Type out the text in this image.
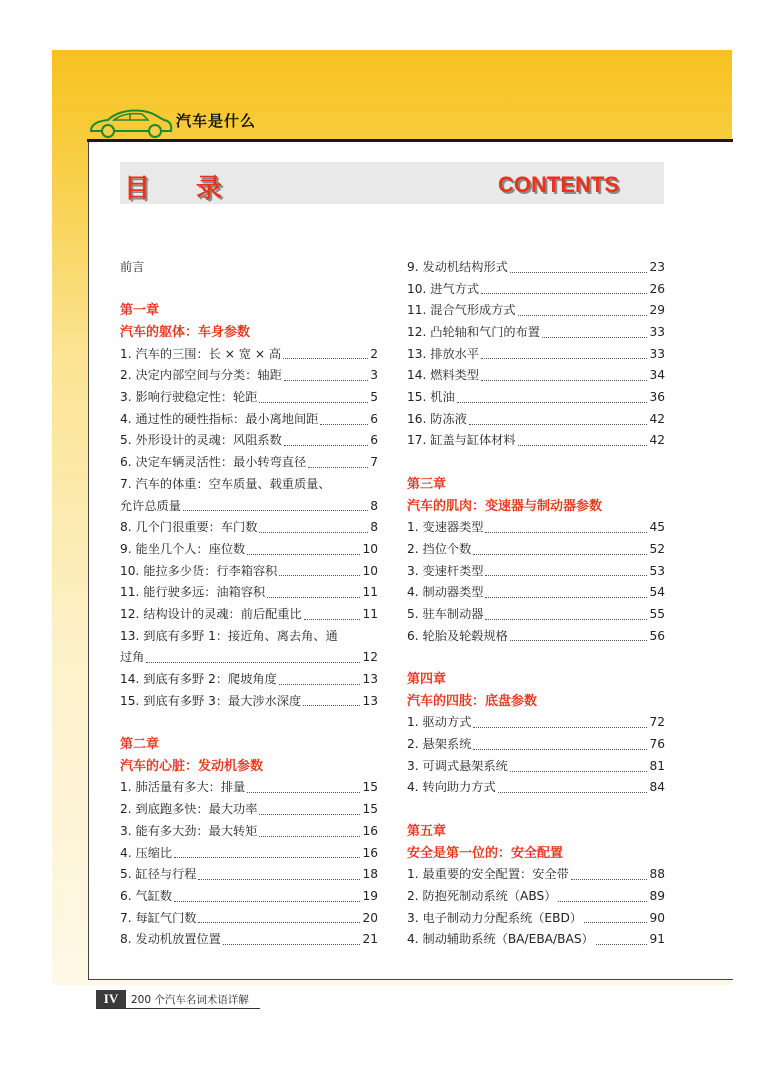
汽车是什么
目录	CONTENTS
前言
第一章
汽车的躯体：车身参数
1. 汽车的三围：长 × 宽 × 高	2
2. 决定内部空间与分类：轴距	3
3. 影响行驶稳定性：轮距	5
4. 通过性的硬性指标：最小离地间距	6
5. 外形设计的灵魂：风阻系数	6
6. 决定车辆灵活性：最小转弯直径	7
7. 汽车的体重：空车质量、载重质量、
允许总质量	8
8. 几个门很重要：车门数	8
9. 能坐几个人：座位数	10
10. 能拉多少货：行李箱容积	10
11. 能行驶多远：油箱容积	11
12. 结构设计的灵魂：前后配重比	11
13. 到底有多野 1：接近角、离去角、通
过角	12
14. 到底有多野 2：爬坡角度	13
15. 到底有多野 3：最大涉水深度	13
第二章
汽车的心脏：发动机参数
1. 肺活量有多大：排量	15
2. 到底跑多快：最大功率	15
3. 能有多大劲：最大转矩	16
4. 压缩比	16
5. 缸径与行程	18
6. 气缸数	19
7. 每缸气门数	20
8. 发动机放置位置	21
9. 发动机结构形式	23
10. 进气方式	26
11. 混合气形成方式	29
12. 凸轮轴和气门的布置	33
13. 排放水平	33
14. 燃料类型	34
15. 机油	36
16. 防冻液	42
17. 缸盖与缸体材料	42
第三章
汽车的肌肉：变速器与制动器参数
1. 变速器类型	45
2. 挡位个数	52
3. 变速杆类型	53
4. 制动器类型	54
5. 驻车制动器	55
6. 轮胎及轮毂规格	56
第四章
汽车的四肢：底盘参数
1. 驱动方式	72
2. 悬架系统	76
3. 可调式悬架系统	81
4. 转向助力方式	84
第五章
安全是第一位的：安全配置
1. 最重要的安全配置：安全带	88
2. 防抱死制动系统（ABS）	89
3. 电子制动力分配系统（EBD）	90
4. 制动辅助系统（BA/EBA/BAS）	91
IV	200 个汽车名词术语详解
